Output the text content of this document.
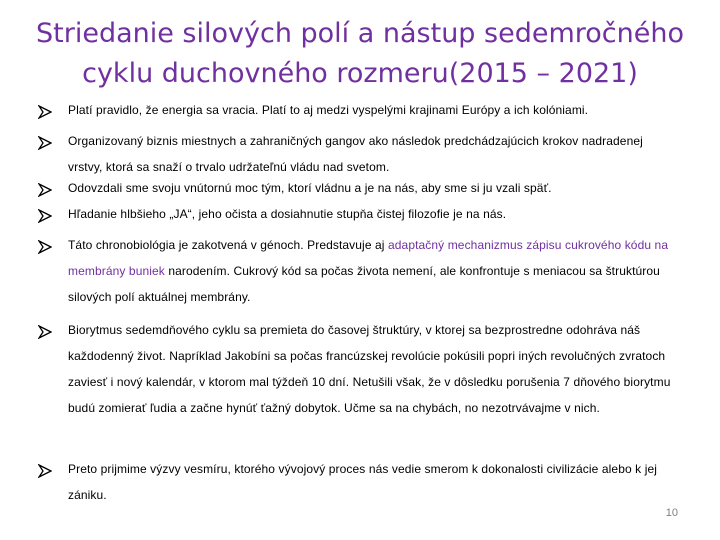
Striedanie silových polí a nástup sedemročného cyklu duchovného rozmeru(2015 – 2021)
Platí pravidlo, že energia sa vracia. Platí to aj medzi vyspelými krajinami Európy a ich kolóniami.
Organizovaný biznis miestnych a zahraničných gangov ako následok predchádzajúcich krokov nadradenej vrstvy, ktorá sa snaží o trvalo udržateľnú vládu nad svetom.
Odovzdali sme svoju vnútornú moc tým, ktorí vládnu a je na nás, aby sme si ju vzali späť.
Hľadanie hlbšieho „JA“, jeho očista a dosiahnutie stupňa čistej filozofie je na nás.
Táto chronobiológia je zakotvená v génoch. Predstavuje aj adaptačný mechanizmus zápisu cukrového kódu na membrány buniek narodením. Cukrový kód sa počas života nemení, ale konfrontuje s meniacou sa štruktúrou silových polí aktuálnej membrány.
Biorytmus sedemdňového cyklu sa premieta do časovej štruktúry, v ktorej sa bezprostredne odohráva náš každodenný život. Napríklad Jakobíni sa počas francúzskej revolúcie pokúsili popri iných revolučných zvratoch zaviesť i nový kalendár, v ktorom mal týždeň 10 dní. Netušili však, že v dôsledku porušenia 7 dňového biorytmu budú zomierať ľudia a začne hynúť ťažný dobytok. Učme sa na chybách, no nezotrvávajme v nich.
Preto prijmime výzvy vesmíru, ktorého vývojový proces nás vedie smerom k dokonalosti civilizácie alebo k jej zániku.
10
